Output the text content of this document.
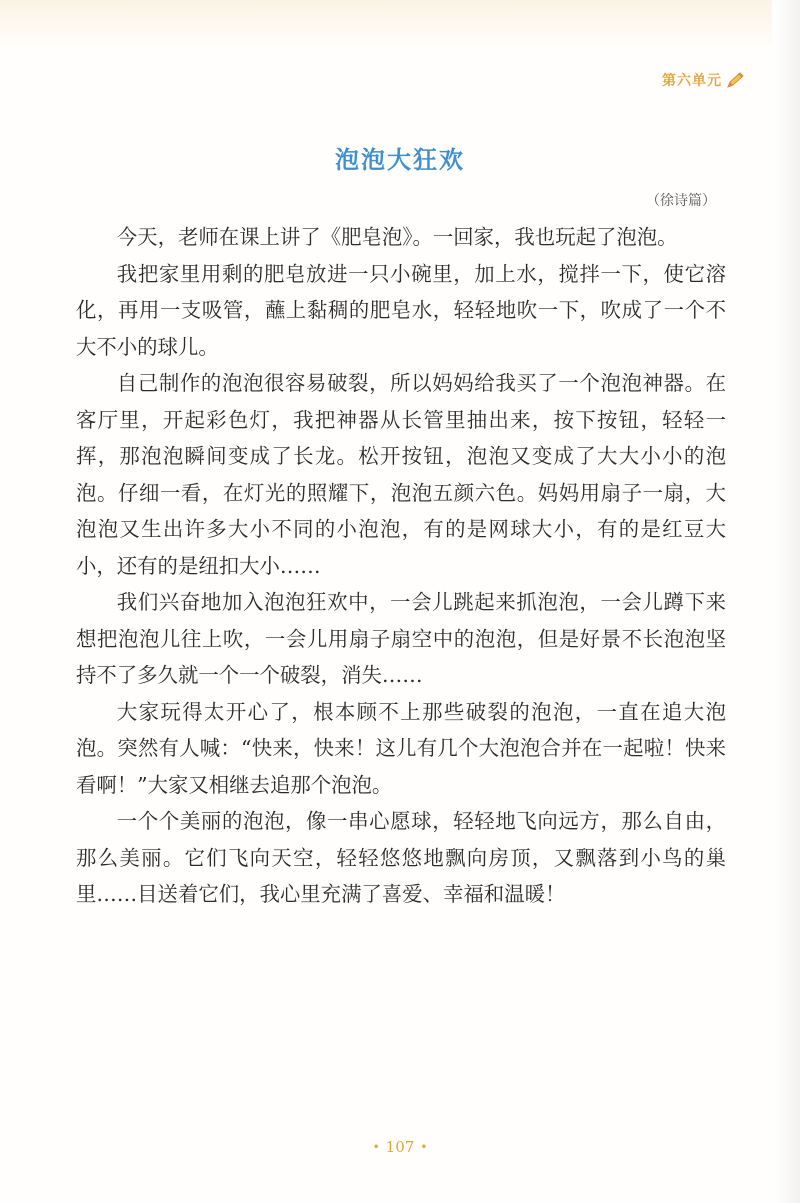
第六单元
泡泡大狂欢
（徐诗篇）

今天，老师在课上讲了《肥皂泡》。一回家，我也玩起了泡泡。

我把家里用剩的肥皂放进一只小碗里，加上水，搅拌一下，使它溶化，再用一支吸管，蘸上黏稠的肥皂水，轻轻地吹一下，吹成了一个不大不小的球儿。

自己制作的泡泡很容易破裂，所以妈妈给我买了一个泡泡神器。在客厅里，开起彩色灯，我把神器从长管里抽出来，按下按钮，轻轻一挥，那泡泡瞬间变成了长龙。松开按钮，泡泡又变成了大大小小的泡泡。仔细一看，在灯光的照耀下，泡泡五颜六色。妈妈用扇子一扇，大泡泡又生出许多大小不同的小泡泡，有的是网球大小，有的是红豆大小，还有的是纽扣大小……

我们兴奋地加入泡泡狂欢中，一会儿跳起来抓泡泡，一会儿蹲下来想把泡泡儿往上吹，一会儿用扇子扇空中的泡泡，但是好景不长泡泡坚持不了多久就一个一个破裂，消失……

大家玩得太开心了，根本顾不上那些破裂的泡泡，一直在追大泡泡。突然有人喊：“快来，快来！这儿有几个大泡泡合并在一起啦！快来看啊！”大家又相继去追那个泡泡。

一个个美丽的泡泡，像一串心愿球，轻轻地飞向远方，那么自由，那么美丽。它们飞向天空，轻轻悠悠地飘向房顶，又飘落到小鸟的巢里……目送着它们，我心里充满了喜爱、幸福和温暖！

• 107 •
